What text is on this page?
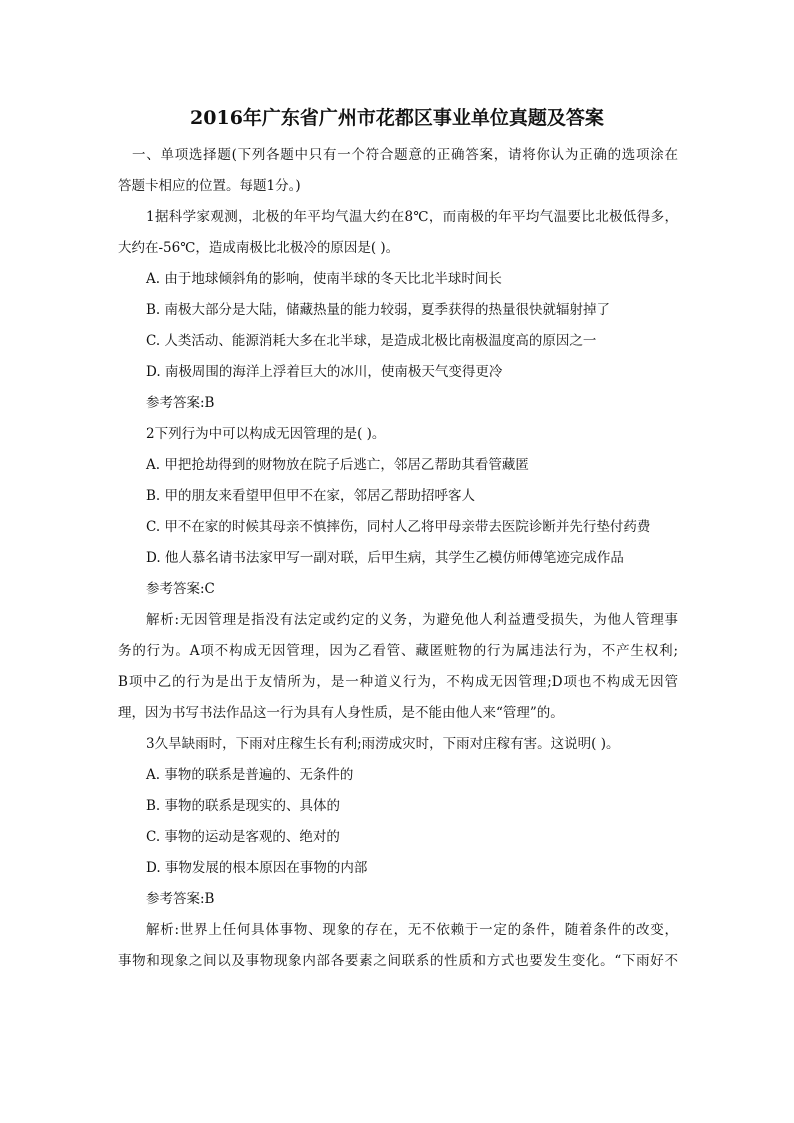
2016年广东省广州市花都区事业单位真题及答案
一、单项选择题(下列各题中只有一个符合题意的正确答案，请将你认为正确的选项涂在
答题卡相应的位置。每题1分。)
1据科学家观测，北极的年平均气温大约在8℃，而南极的年平均气温要比北极低得多，
大约在-56℃，造成南极比北极冷的原因是( )。
A. 由于地球倾斜角的影响，使南半球的冬天比北半球时间长
B. 南极大部分是大陆，储藏热量的能力较弱，夏季获得的热量很快就辐射掉了
C. 人类活动、能源消耗大多在北半球，是造成北极比南极温度高的原因之一
D. 南极周围的海洋上浮着巨大的冰川，使南极天气变得更冷
参考答案:B
2下列行为中可以构成无因管理的是( )。
A. 甲把抢劫得到的财物放在院子后逃亡，邻居乙帮助其看管藏匿
B. 甲的朋友来看望甲但甲不在家，邻居乙帮助招呼客人
C. 甲不在家的时候其母亲不慎摔伤，同村人乙将甲母亲带去医院诊断并先行垫付药费
D. 他人慕名请书法家甲写一副对联，后甲生病，其学生乙模仿师傅笔迹完成作品
参考答案:C
解析:无因管理是指没有法定或约定的义务，为避免他人利益遭受损失，为他人管理事
务的行为。A项不构成无因管理，因为乙看管、藏匿赃物的行为属违法行为，不产生权利;
B项中乙的行为是出于友情所为，是一种道义行为，不构成无因管理;D项也不构成无因管
理，因为书写书法作品这一行为具有人身性质，是不能由他人来“管理”的。
3久旱缺雨时，下雨对庄稼生长有利;雨涝成灾时，下雨对庄稼有害。这说明( )。
A. 事物的联系是普遍的、无条件的
B. 事物的联系是现实的、具体的
C. 事物的运动是客观的、绝对的
D. 事物发展的根本原因在事物的内部
参考答案:B
解析:世界上任何具体事物、现象的存在，无不依赖于一定的条件，随着条件的改变，
事物和现象之间以及事物现象内部各要素之间联系的性质和方式也要发生变化。“下雨好不
